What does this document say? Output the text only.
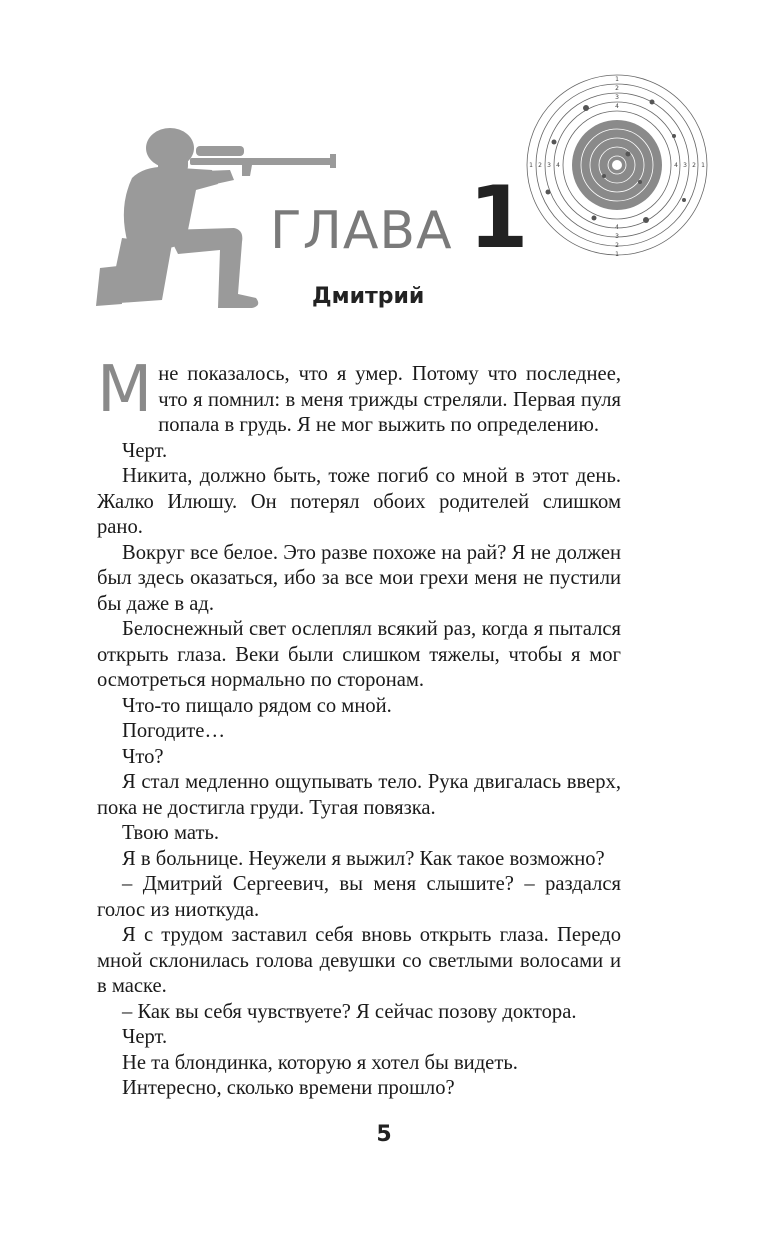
1 2 3 4	4 3 2 1
1
2
3
4
4
3
2
1
ГЛАВА 1
Дмитрий

Мне показалось, что я умер. Потому что последнее, что я помнил: в меня трижды стреляли. Первая пуля попала в грудь. Я не мог выжить по определению.

Черт.

Никита, должно быть, тоже погиб со мной в этот день. Жалко Илюшу. Он потерял обоих родителей слишком рано.

Вокруг все белое. Это разве похоже на рай? Я не должен был здесь оказаться, ибо за все мои грехи меня не пустили бы даже в ад.

Белоснежный свет ослеплял всякий раз, когда я пытался открыть глаза. Веки были слишком тяжелы, чтобы я мог осмотреться нормально по сторонам.

Что-то пищало рядом со мной.

Погодите…

Что?

Я стал медленно ощупывать тело. Рука двигалась вверх, пока не достигла груди. Тугая повязка.

Твою мать.

Я в больнице. Неужели я выжил? Как такое возможно?

– Дмитрий Сергеевич, вы меня слышите? – раздался голос из ниоткуда.

Я с трудом заставил себя вновь открыть глаза. Передо мной склонилась голова девушки со светлыми волосами и в маске.

– Как вы себя чувствуете? Я сейчас позову доктора.

Черт.

Не та блондинка, которую я хотел бы видеть.

Интересно, сколько времени прошло?

5
